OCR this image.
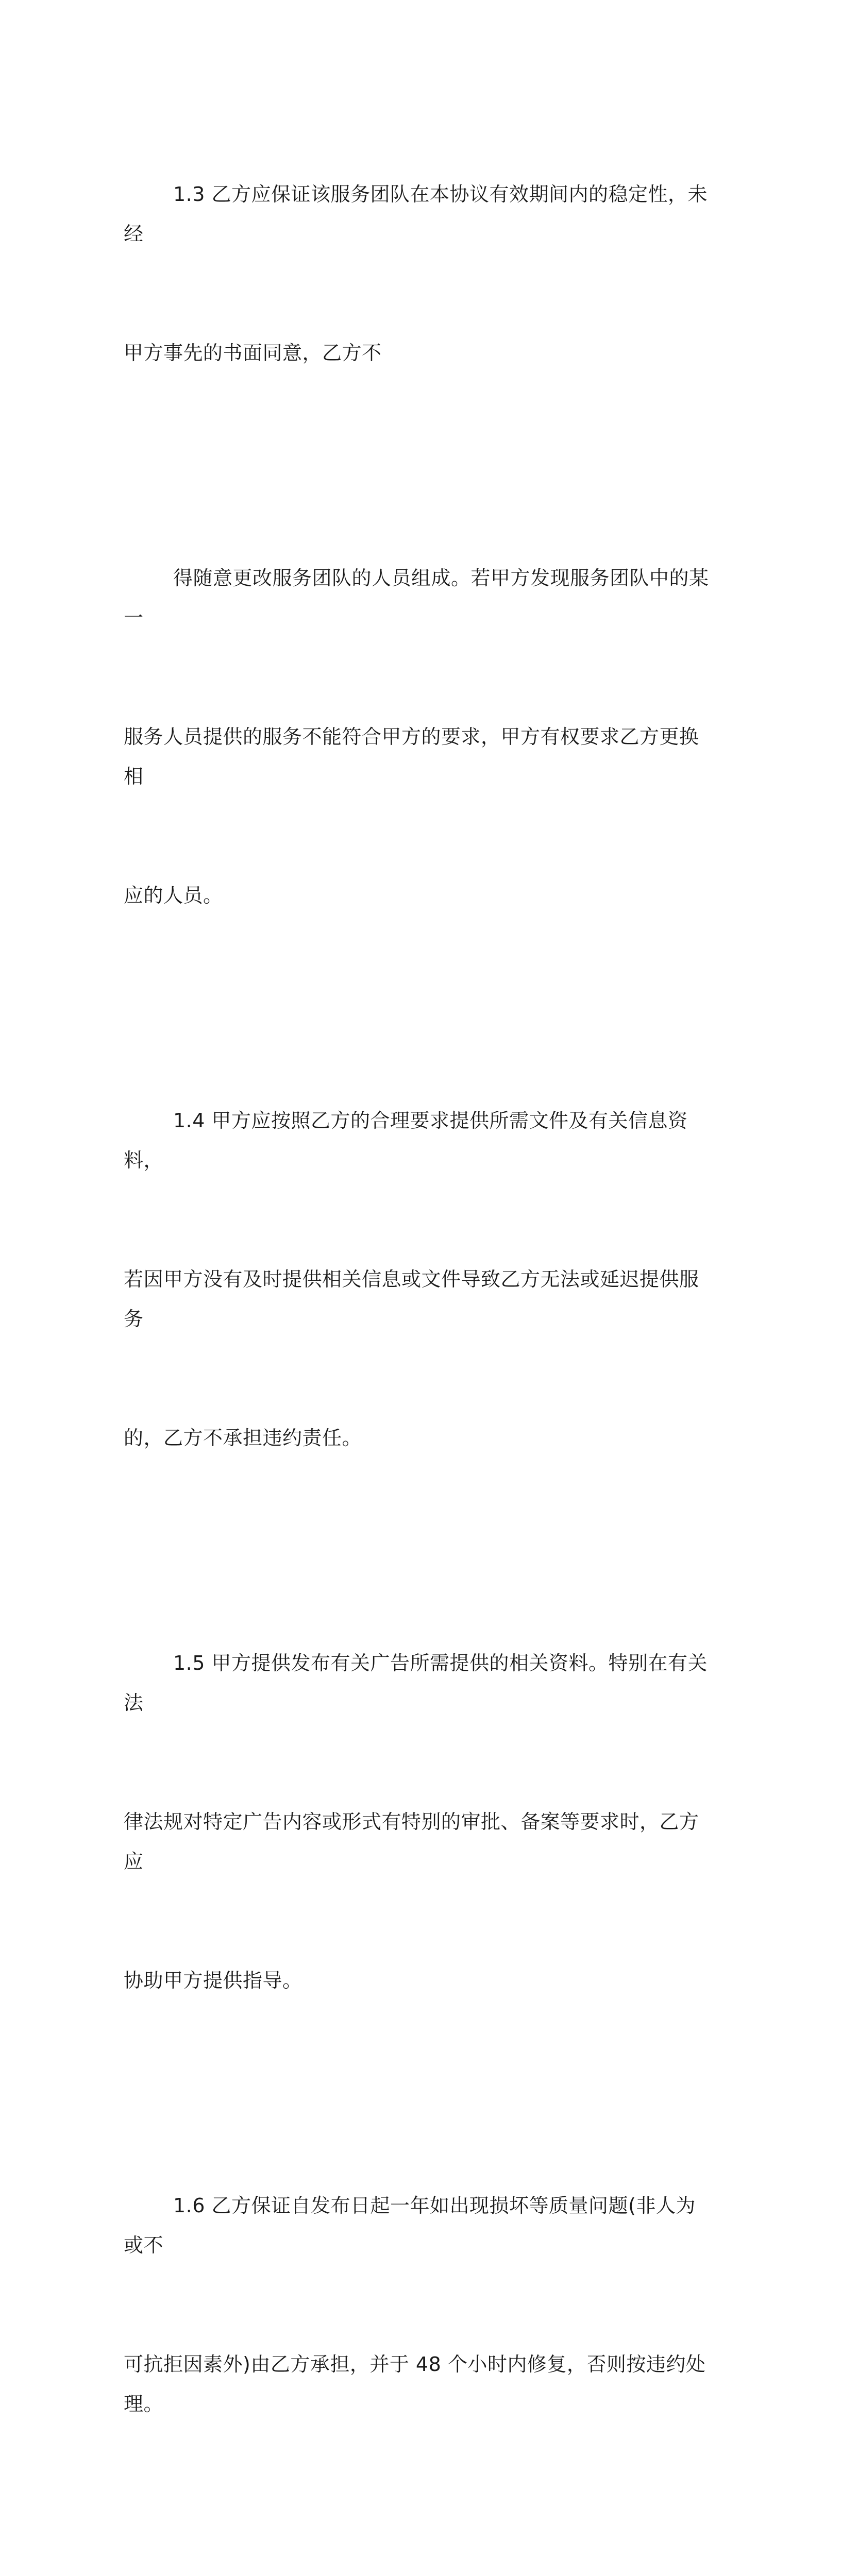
1.3 乙方应保证该服务团队在本协议有效期间内的稳定性，未经

甲方事先的书面同意，乙方不

得随意更改服务团队的人员组成。若甲方发现服务团队中的某一

服务人员提供的服务不能符合甲方的要求，甲方有权要求乙方更换相

应的人员。

1.4 甲方应按照乙方的合理要求提供所需文件及有关信息资料，

若因甲方没有及时提供相关信息或文件导致乙方无法或延迟提供服务

的，乙方不承担违约责任。

1.5 甲方提供发布有关广告所需提供的相关资料。特别在有关法

律法规对特定广告内容或形式有特别的审批、备案等要求时，乙方应

协助甲方提供指导。

1.6 乙方保证自发布日起一年如出现损坏等质量问题(非人为或不

可抗拒因素外)由乙方承担，并于 48 个小时内修复，否则按违约处理。
